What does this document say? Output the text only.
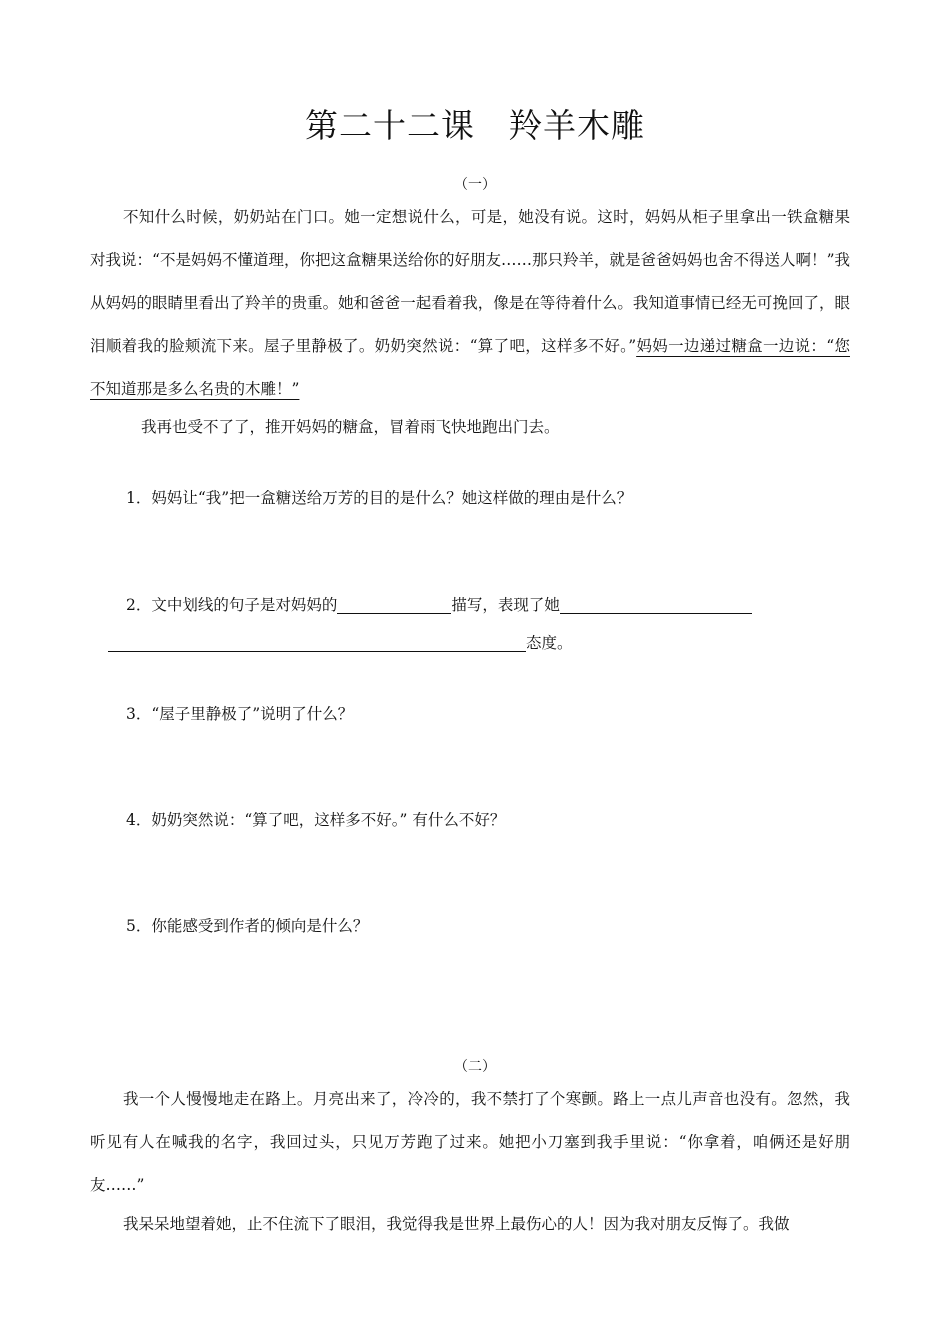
第二十二课　羚羊木雕
（一）

不知什么时候，奶奶站在门口。她一定想说什么，可是，她没有说。这时，妈妈从柜子里拿出一铁盒糖果对我说：“不是妈妈不懂道理，你把这盒糖果送给你的好朋友……那只羚羊，就是爸爸妈妈也舍不得送人啊！”我从妈妈的眼睛里看出了羚羊的贵重。她和爸爸一起看着我，像是在等待着什么。我知道事情已经无可挽回了，眼泪顺着我的脸颊流下来。屋子里静极了。奶奶突然说：“算了吧，这样多不好。”妈妈一边递过糖盒一边说：“您不知道那是多么名贵的木雕！”

我再也受不了了，推开妈妈的糖盒，冒着雨飞快地跑出门去。

1．妈妈让“我”把一盒糖送给万芳的目的是什么？她这样做的理由是什么？
2．文中划线的句子是对妈妈的	描写，表现了她
态度。
3．“屋子里静极了”说明了什么？
4．奶奶突然说：“算了吧，这样多不好。” 有什么不好？
5．你能感受到作者的倾向是什么？
（二）

我一个人慢慢地走在路上。月亮出来了，冷冷的，我不禁打了个寒颤。路上一点儿声音也没有。忽然，我听见有人在喊我的名字，我回过头，只见万芳跑了过来。她把小刀塞到我手里说：“你拿着，咱俩还是好朋友……”

我呆呆地望着她，止不住流下了眼泪，我觉得我是世界上最伤心的人！因为我对朋友反悔了。我做
